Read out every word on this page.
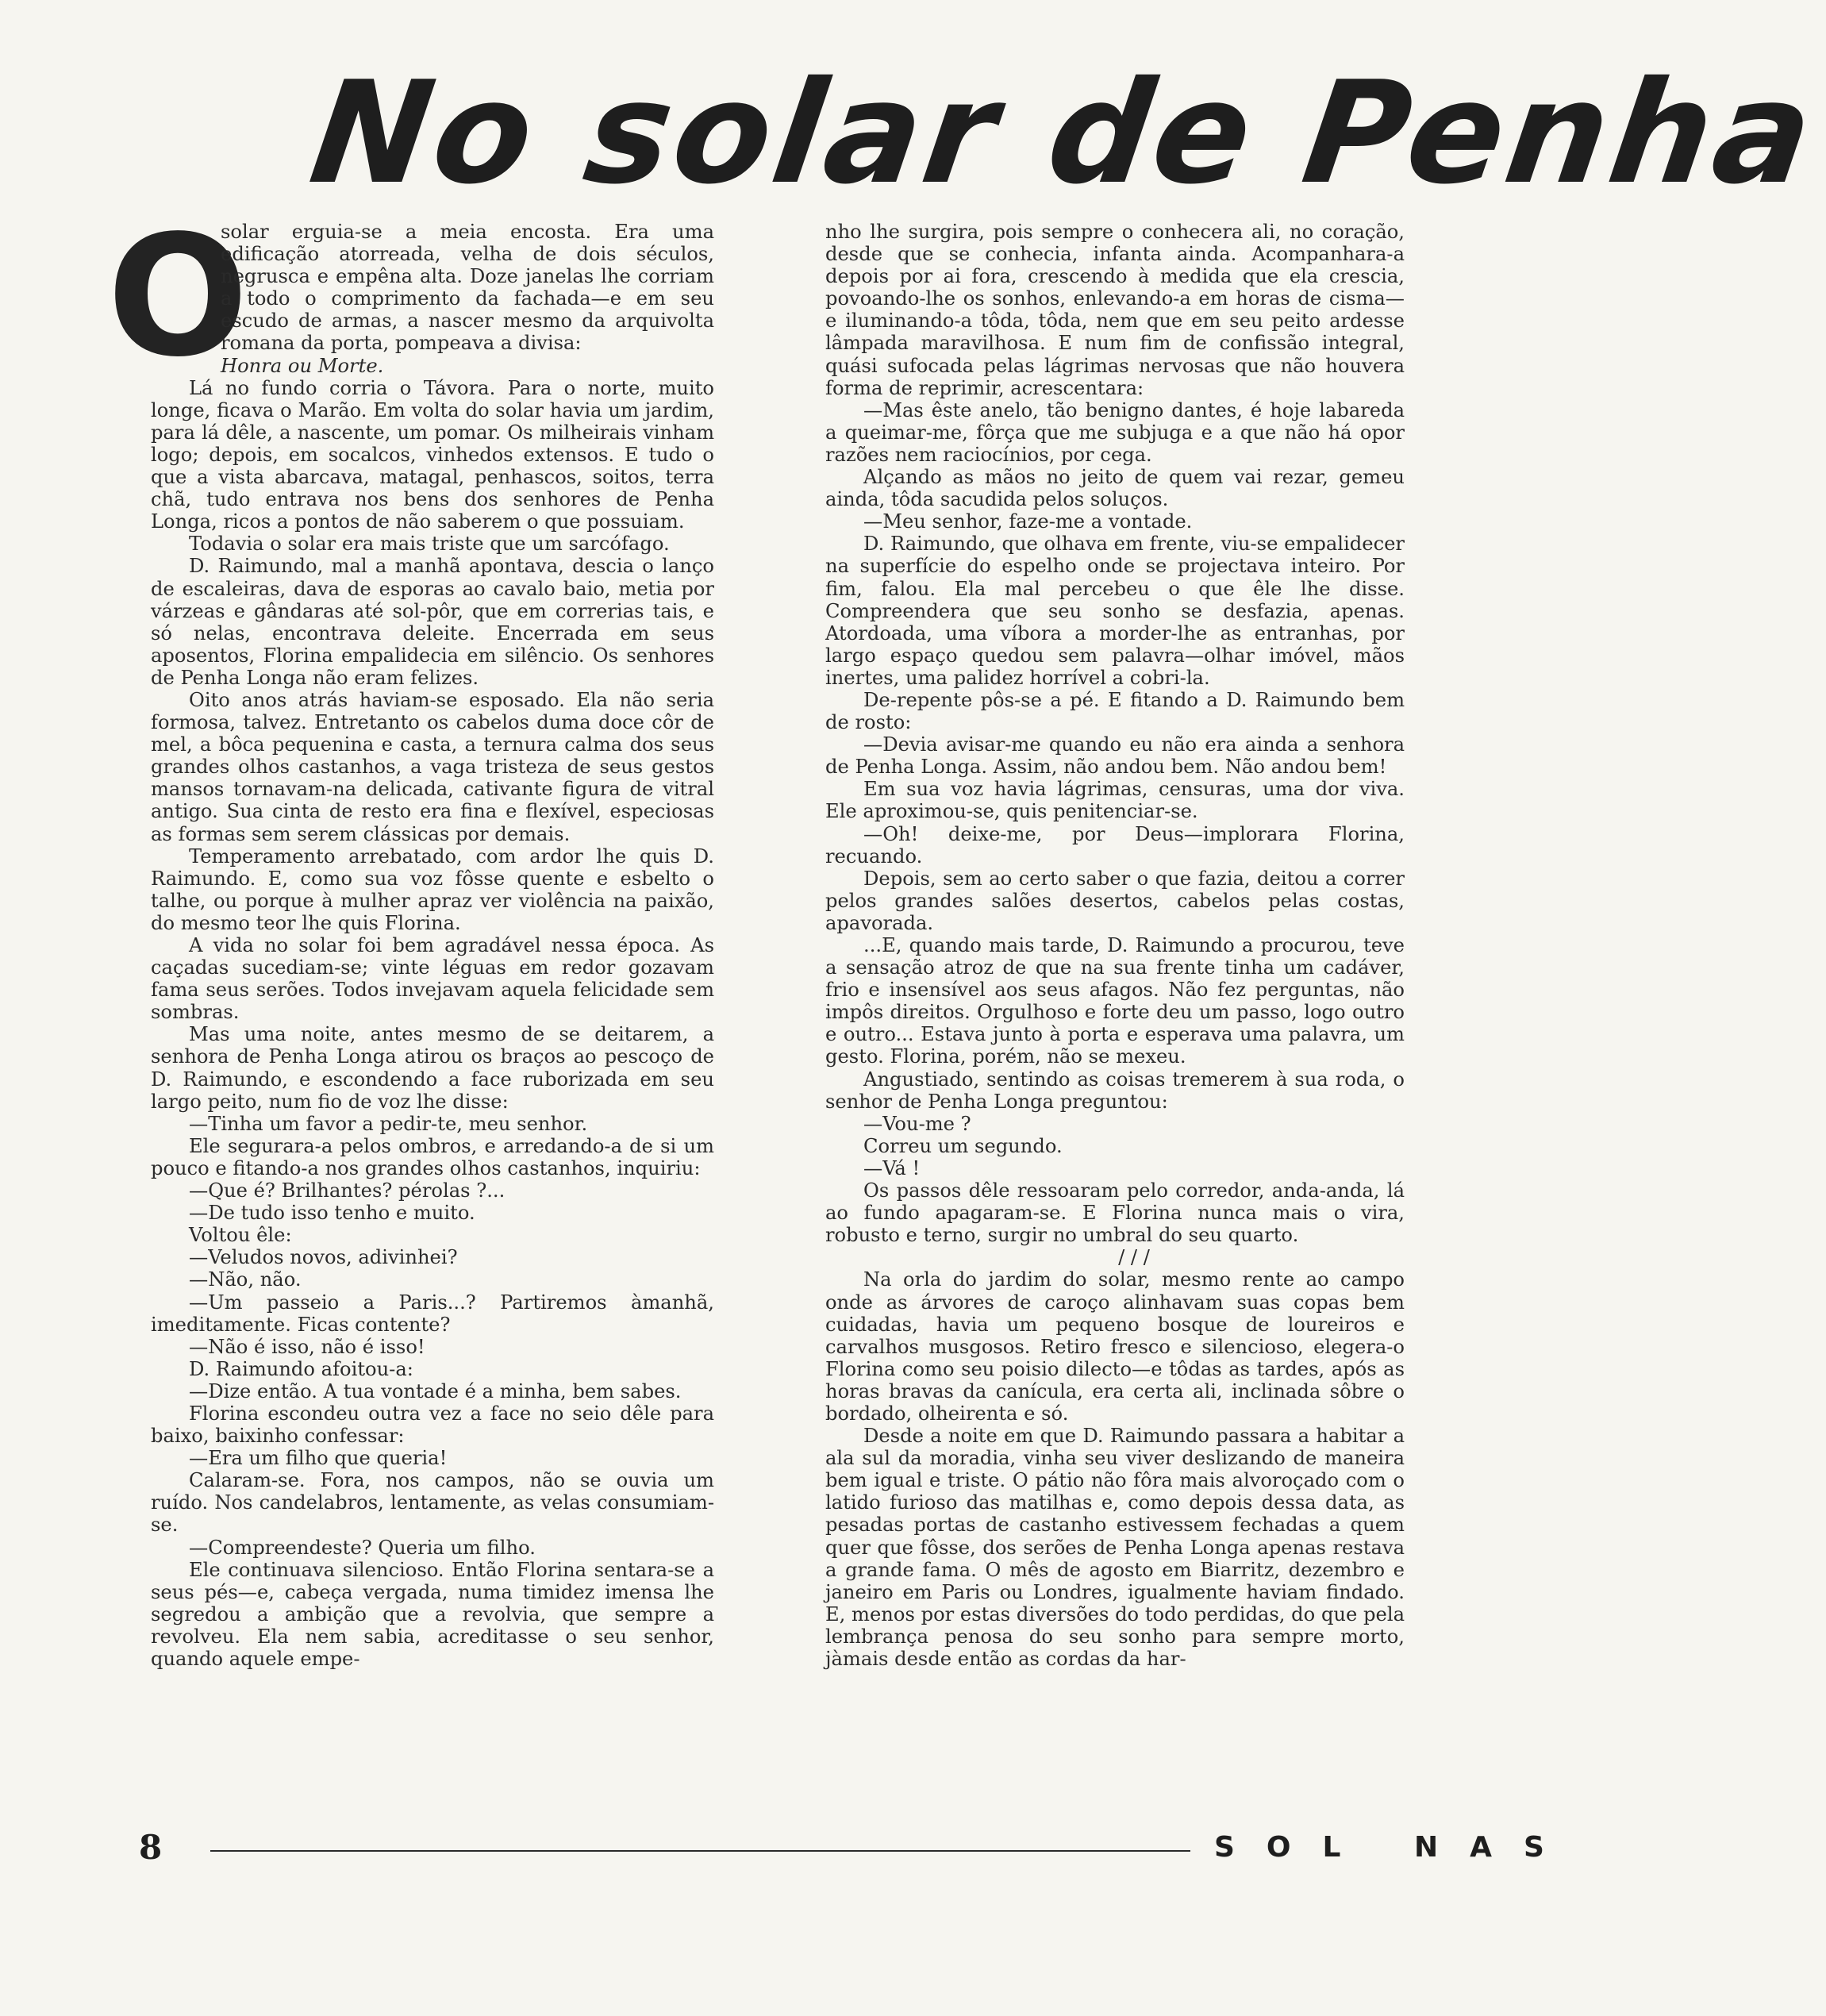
No solar de Penha

O
solar erguia-se a meia encosta. Era uma edificação atorreada, velha de dois séculos, negrusca e empêna alta. Doze janelas lhe corriam a todo o comprimento da fachada—e em seu escudo de armas, a nascer mesmo da arquivolta romana da porta, pompeava a divisa:
Honra ou Morte.

Lá no fundo corria o Távora. Para o norte, muito longe, ficava o Marão. Em volta do solar havia um jardim, para lá dêle, a nascente, um pomar. Os milheirais vinham logo; depois, em socalcos, vinhedos extensos. E tudo o que a vista abarcava, matagal, penhascos, soitos, terra chã, tudo entrava nos bens dos senhores de Penha Longa, ricos a pontos de não saberem o que possuiam.

Todavia o solar era mais triste que um sarcófago.

D. Raimundo, mal a manhã apontava, descia o lanço de escaleiras, dava de esporas ao cavalo baio, metia por várzeas e gândaras até sol-pôr, que em correrias tais, e só nelas, encontrava deleite. Encerrada em seus aposentos, Florina empalidecia em silêncio. Os senhores de Penha Longa não eram felizes.

Oito anos atrás haviam-se esposado. Ela não seria formosa, talvez. Entretanto os cabelos duma doce côr de mel, a bôca pequenina e casta, a ternura calma dos seus grandes olhos castanhos, a vaga tristeza de seus gestos mansos tornavam-na delicada, cativante figura de vitral antigo. Sua cinta de resto era fina e flexível, especiosas as formas sem serem clássicas por demais.

Temperamento arrebatado, com ardor lhe quis D. Raimundo. E, como sua voz fôsse quente e esbelto o talhe, ou porque à mulher apraz ver violência na paixão, do mesmo teor lhe quis Florina.

A vida no solar foi bem agradável nessa época. As caçadas sucediam-se; vinte léguas em redor gozavam fama seus serões. Todos invejavam aquela felicidade sem sombras.

Mas uma noite, antes mesmo de se deitarem, a senhora de Penha Longa atirou os braços ao pescoço de D. Raimundo, e escondendo a face ruborizada em seu largo peito, num fio de voz lhe disse:

—Tinha um favor a pedir-te, meu senhor.

Ele segurara-a pelos ombros, e arredando-a de si um pouco e fitando-a nos grandes olhos castanhos, inquiriu:

—Que é? Brilhantes? pérolas ?...

—De tudo isso tenho e muito.

Voltou êle:

—Veludos novos, adivinhei?

—Não, não.

—Um passeio a Paris...? Partiremos àmanhã, imeditamente. Ficas contente?

—Não é isso, não é isso!

D. Raimundo afoitou-a:

—Dize então. A tua vontade é a minha, bem sabes.

Florina escondeu outra vez a face no seio dêle para baixo, baixinho confessar:

—Era um filho que queria!

Calaram-se. Fora, nos campos, não se ouvia um ruído. Nos candelabros, lentamente, as velas consumiam-se.

—Compreendeste? Queria um filho.

Ele continuava silencioso. Então Florina sentara-se a seus pés—e, cabeça vergada, numa timidez imensa lhe segredou a ambição que a revolvia, que sempre a revolveu. Ela nem sabia, acreditasse o seu senhor, quando aquele empe-

nho lhe surgira, pois sempre o conhecera ali, no coração, desde que se conhecia, infanta ainda. Acompanhara-a depois por ai fora, crescendo à medida que ela crescia, povoando-lhe os sonhos, enlevando-a em horas de cisma—e iluminando-a tôda, tôda, nem que em seu peito ardesse lâmpada maravilhosa. E num fim de confissão integral, quási sufocada pelas lágrimas nervosas que não houvera forma de reprimir, acrescentara:

—Mas êste anelo, tão benigno dantes, é hoje labareda a queimar-me, fôrça que me subjuga e a que não há opor razões nem raciocínios, por cega.

Alçando as mãos no jeito de quem vai rezar, gemeu ainda, tôda sacudida pelos soluços.

—Meu senhor, faze-me a vontade.

D. Raimundo, que olhava em frente, viu-se empalidecer na superfície do espelho onde se projectava inteiro. Por fim, falou. Ela mal percebeu o que êle lhe disse. Compreendera que seu sonho se desfazia, apenas. Atordoada, uma víbora a morder-lhe as entranhas, por largo espaço quedou sem palavra—olhar imóvel, mãos inertes, uma palidez horrível a cobri-la.

De-repente pôs-se a pé. E fitando a D. Raimundo bem de rosto:

—Devia avisar-me quando eu não era ainda a senhora de Penha Longa. Assim, não andou bem. Não andou bem!

Em sua voz havia lágrimas, censuras, uma dor viva. Ele aproximou-se, quis penitenciar-se.

—Oh! deixe-me, por Deus—implorara Florina, recuando.

Depois, sem ao certo saber o que fazia, deitou a correr pelos grandes salões desertos, cabelos pelas costas, apavorada.

...E, quando mais tarde, D. Raimundo a procurou, teve a sensação atroz de que na sua frente tinha um cadáver, frio e insensível aos seus afagos. Não fez perguntas, não impôs direitos. Orgulhoso e forte deu um passo, logo outro e outro... Estava junto à porta e esperava uma palavra, um gesto. Florina, porém, não se mexeu.

Angustiado, sentindo as coisas tremerem à sua roda, o senhor de Penha Longa preguntou:

—Vou-me ?

Correu um segundo.

—Vá !

Os passos dêle ressoaram pelo corredor, anda-anda, lá ao fundo apagaram-se. E Florina nunca mais o vira, robusto e terno, surgir no umbral do seu quarto.

/ / /

Na orla do jardim do solar, mesmo rente ao campo onde as árvores de caroço alinhavam suas copas bem cuidadas, havia um pequeno bosque de loureiros e carvalhos musgosos. Retiro fresco e silencioso, elegera-o Florina como seu poisio dilecto—e tôdas as tardes, após as horas bravas da canícula, era certa ali, inclinada sôbre o bordado, olheirenta e só.

Desde a noite em que D. Raimundo passara a habitar a ala sul da moradia, vinha seu viver deslizando de maneira bem igual e triste. O pátio não fôra mais alvoroçado com o latido furioso das matilhas e, como depois dessa data, as pesadas portas de castanho estivessem fechadas a quem quer que fôsse, dos serões de Penha Longa apenas restava a grande fama. O mês de agosto em Biarritz, dezembro e janeiro em Paris ou Londres, igualmente haviam findado. E, menos por estas diversões do todo perdidas, do que pela lembrança penosa do seu sonho para sempre morto, jàmais desde então as cordas da har-

8	SOL NAS
